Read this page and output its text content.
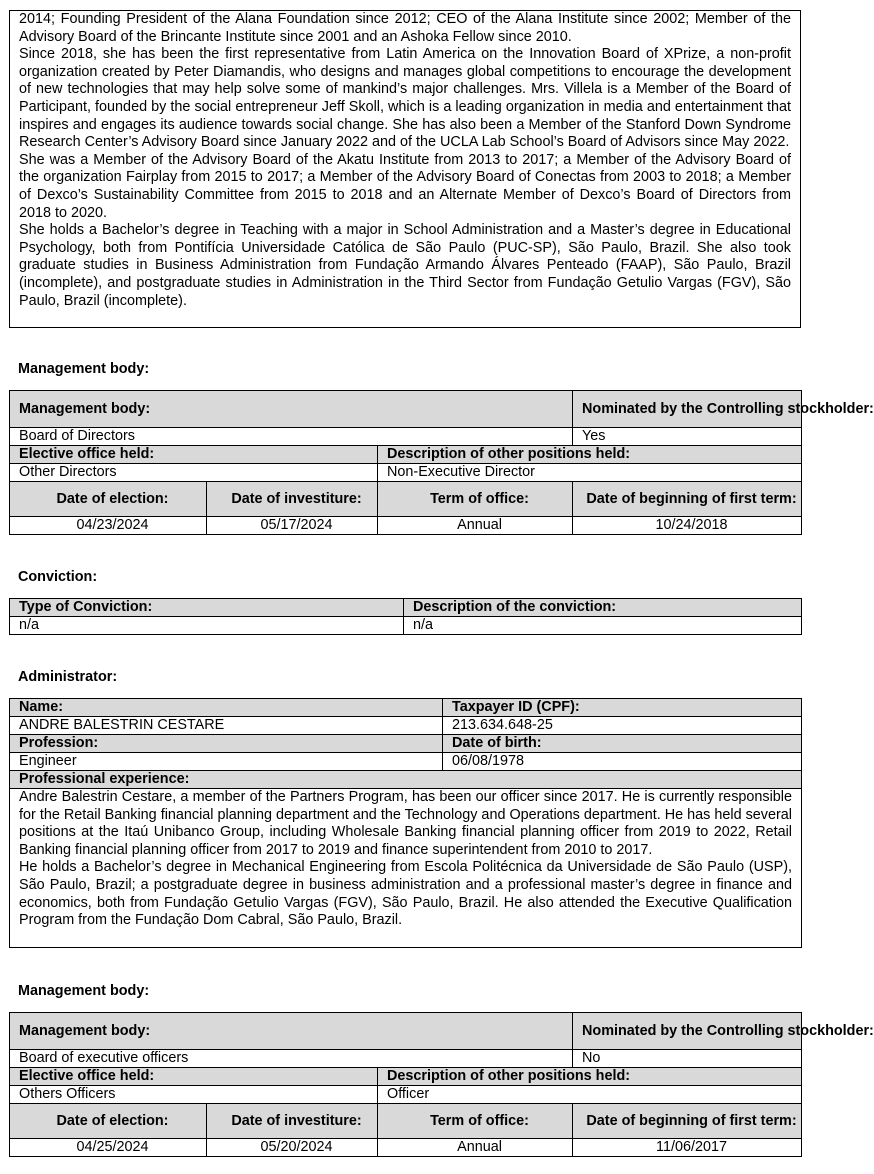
2014; Founding President of the Alana Foundation since 2012; CEO of the Alana Institute since 2002; Member of the Advisory Board of the Brincante Institute since 2001 and an Ashoka Fellow since 2010.

Since 2018, she has been the first representative from Latin America on the Innovation Board of XPrize, a non-profit organization created by Peter Diamandis, who designs and manages global competitions to encourage the development of new technologies that may help solve some of mankind’s major challenges. Mrs. Villela is a Member of the Board of Participant, founded by the social entrepreneur Jeff Skoll, which is a leading organization in media and entertainment that inspires and engages its audience towards social change. She has also been a Member of the Stanford Down Syndrome Research Center’s Advisory Board since January 2022 and of the UCLA Lab School’s Board of Advisors since May 2022.

She was a Member of the Advisory Board of the Akatu Institute from 2013 to 2017; a Member of the Advisory Board of the organization Fairplay from 2015 to 2017; a Member of the Advisory Board of Conectas from 2003 to 2018; a Member of Dexco’s Sustainability Committee from 2015 to 2018 and an Alternate Member of Dexco’s Board of Directors from 2018 to 2020.

She holds a Bachelor’s degree in Teaching with a major in School Administration and a Master’s degree in Educational Psychology, both from Pontifícia Universidade Católica de São Paulo (PUC-SP), São Paulo, Brazil. She also took graduate studies in Business Administration from Fundação Armando Álvares Penteado (FAAP), São Paulo, Brazil (incomplete), and postgraduate studies in Administration in the Third Sector from Fundação Getulio Vargas (FGV), São Paulo, Brazil (incomplete).

Management body:
Management body:			Nominated by the Controlling stockholder:
Board of Directors			Yes
Elective office held:		Description of other positions held:	
Other Directors		Non-Executive Director	
Date of election:	Date of investiture:	Term of office:	Date of beginning of first term:
04/23/2024	05/17/2024	Annual	10/24/2018
Conviction:
Type of Conviction:	Description of the conviction:
n/a	n/a
Administrator:
Name:	Taxpayer ID (CPF):
ANDRE BALESTRIN CESTARE	213.634.648-25
Profession:	Date of birth:
Engineer	06/08/1978
Professional experience:	

Andre Balestrin Cestare, a member of the Partners Program, has been our officer since 2017. He is currently responsible for the Retail Banking financial planning department and the Technology and Operations department. He has held several positions at the Itaú Unibanco Group, including Wholesale Banking financial planning officer from 2019 to 2022, Retail Banking financial planning officer from 2017 to 2019 and finance superintendent from 2010 to 2017.
He holds a Bachelor’s degree in Mechanical Engineering from Escola Politécnica da Universidade de São Paulo (USP), São Paulo, Brazil; a postgraduate degree in business administration and a professional master’s degree in finance and economics, both from Fundação Getulio Vargas (FGV), São Paulo, Brazil. He also attended the Executive Qualification Program from the Fundação Dom Cabral, São Paulo, Brazil.	
Management body:
Management body:			Nominated by the Controlling stockholder:
Board of executive officers			No
Elective office held:		Description of other positions held:	
Others Officers		Officer	
Date of election:	Date of investiture:	Term of office:	Date of beginning of first term:
04/25/2024	05/20/2024	Annual	11/06/2017
